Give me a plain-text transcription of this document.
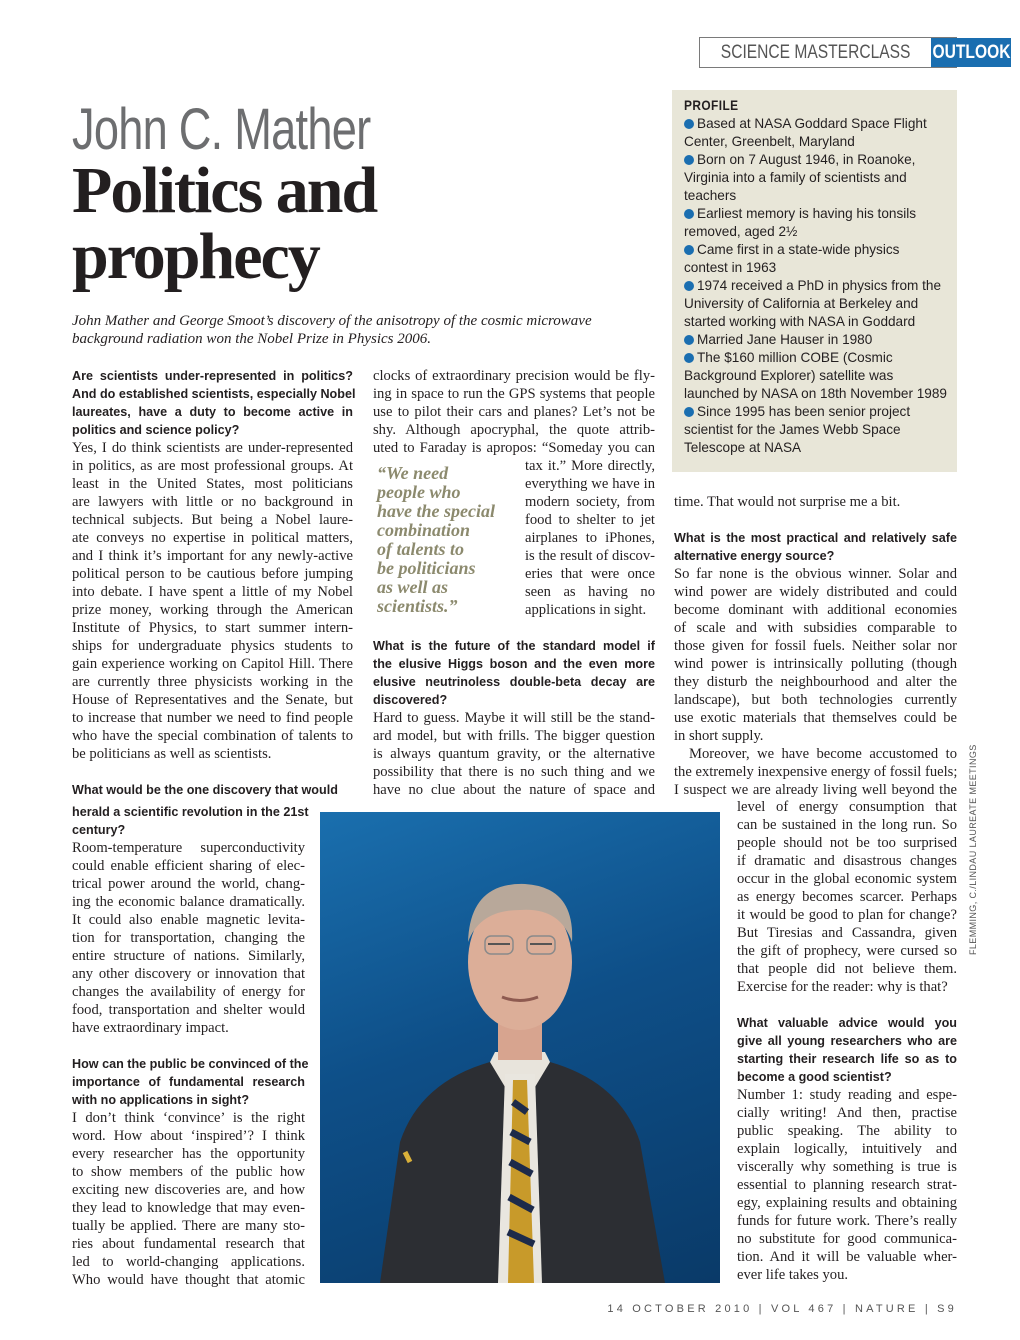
SCIENCE MASTERCLASS OUTLOOK
John C. Mather
Politics and
prophecy
John Mather and George Smoot’s discovery of the anisotropy of the cosmic microwave
background radiation won the Nobel Prize in Physics 2006.
PROFILE
Based at NASA Goddard Space Flight Center, Greenbelt, Maryland
Born on 7 August 1946, in Roanoke, Virginia into a family of scientists and teachers
Earliest memory is having his tonsils removed, aged 2½
Came first in a state-wide physics contest in 1963
1974 received a PhD in physics from the University of California at Berkeley and started working with NASA in Goddard
Married Jane Hauser in 1980
The $160 million COBE (Cosmic Background Explorer) satellite was launched by NASA on 18th November 1989
Since 1995 has been senior project scientist for the James Webb Space Telescope at NASA
Are scientists under-represented in politics?
And do established scientists, especially Nobel
laureates, have a duty to become active in
politics and science policy?
Yes, I do think scientists are under-represented
in politics, as are most professional groups. At
least in the United States, most politicians
are lawyers with little or no background in
technical subjects. But being a Nobel laure-
ate conveys no expertise in political matters,
and I think it’s important for any newly-active
political person to be cautious before jumping
into debate. I have spent a little of my Nobel
prize money, working through the American
Institute of Physics, to start summer intern-
ships for undergraduate physics students to
gain experience working on Capitol Hill. There
are currently three physicists working in the
House of Representatives and the Senate, but
to increase that number we need to find people
who have the special combination of talents to
be politicians as well as scientists.
What would be the one discovery that would
herald a scientific revolution in the 21st
century?
Room-temperature superconductivity
could enable efficient sharing of elec-
trical power around the world, chang-
ing the economic balance dramatically.
It could also enable magnetic levita-
tion for transportation, changing the
entire structure of nations. Similarly,
any other discovery or innovation that
changes the availability of energy for
food, transportation and shelter would
have extraordinary impact.
How can the public be convinced of the
importance of fundamental research
with no applications in sight?
I don’t think ‘convince’ is the right
word. How about ‘inspired’? I think
every researcher has the opportunity
to show members of the public how
exciting new discoveries are, and how
they lead to knowledge that may even-
tually be applied. There are many sto-
ries about fundamental research that
led to world-changing applications.
Who would have thought that atomic
clocks of extraordinary precision would be fly-
ing in space to run the GPS systems that people
use to pilot their cars and planes? Let’s not be
shy. Although apocryphal, the quote attrib-
uted to Faraday is apropos: “Someday you can
tax it.” More directly,
everything we have in
modern society, from
food to shelter to jet
airplanes to iPhones,
is the result of discov-
eries that were once
seen as having no
applications in sight.
What is the future of the standard model if
the elusive Higgs boson and the even more
elusive neutrinoless double-beta decay are
discovered?
Hard to guess. Maybe it will still be the stand-
ard model, but with frills. The bigger question
is always quantum gravity, or the alternative
possibility that there is no such thing and we
have no clue about the nature of space and
time. That would not surprise me a bit.
What is the most practical and relatively safe
alternative energy source?
So far none is the obvious winner. Solar and
wind power are widely distributed and could
become dominant with additional economies
of scale and with subsidies comparable to
those given for fossil fuels. Neither solar nor
wind power is intrinsically polluting (though
they disturb the neighbourhood and alter the
landscape), but both technologies currently
use exotic materials that themselves could be
in short supply.
Moreover, we have become accustomed to
the extremely inexpensive energy of fossil fuels;
I suspect we are already living well beyond the
level of energy consumption that
can be sustained in the long run. So
people should not be too surprised
if dramatic and disastrous changes
occur in the global economic system
as energy becomes scarcer. Perhaps
it would be good to plan for change?
But Tiresias and Cassandra, given
the gift of prophecy, were cursed so
that people did not believe them.
Exercise for the reader: why is that?
What valuable advice would you
give all young researchers who are
starting their research life so as to
become a good scientist?
Number 1: study reading and espe-
cially writing! And then, practise
public speaking. The ability to
explain logically, intuitively and
viscerally why something is true is
essential to planning research strat-
egy, explaining results and obtaining
funds for future work. There’s really
no substitute for good communica-
tion. And it will be valuable wher-
ever life takes you.
“We need
people who
have the special
combination
of talents to
be politicians
as well as
scientists.”
FLEMMING, C./LINDAU LAUREATE MEETINGS
14 OCTOBER 2010 | VOL 467 | NATURE | S9
